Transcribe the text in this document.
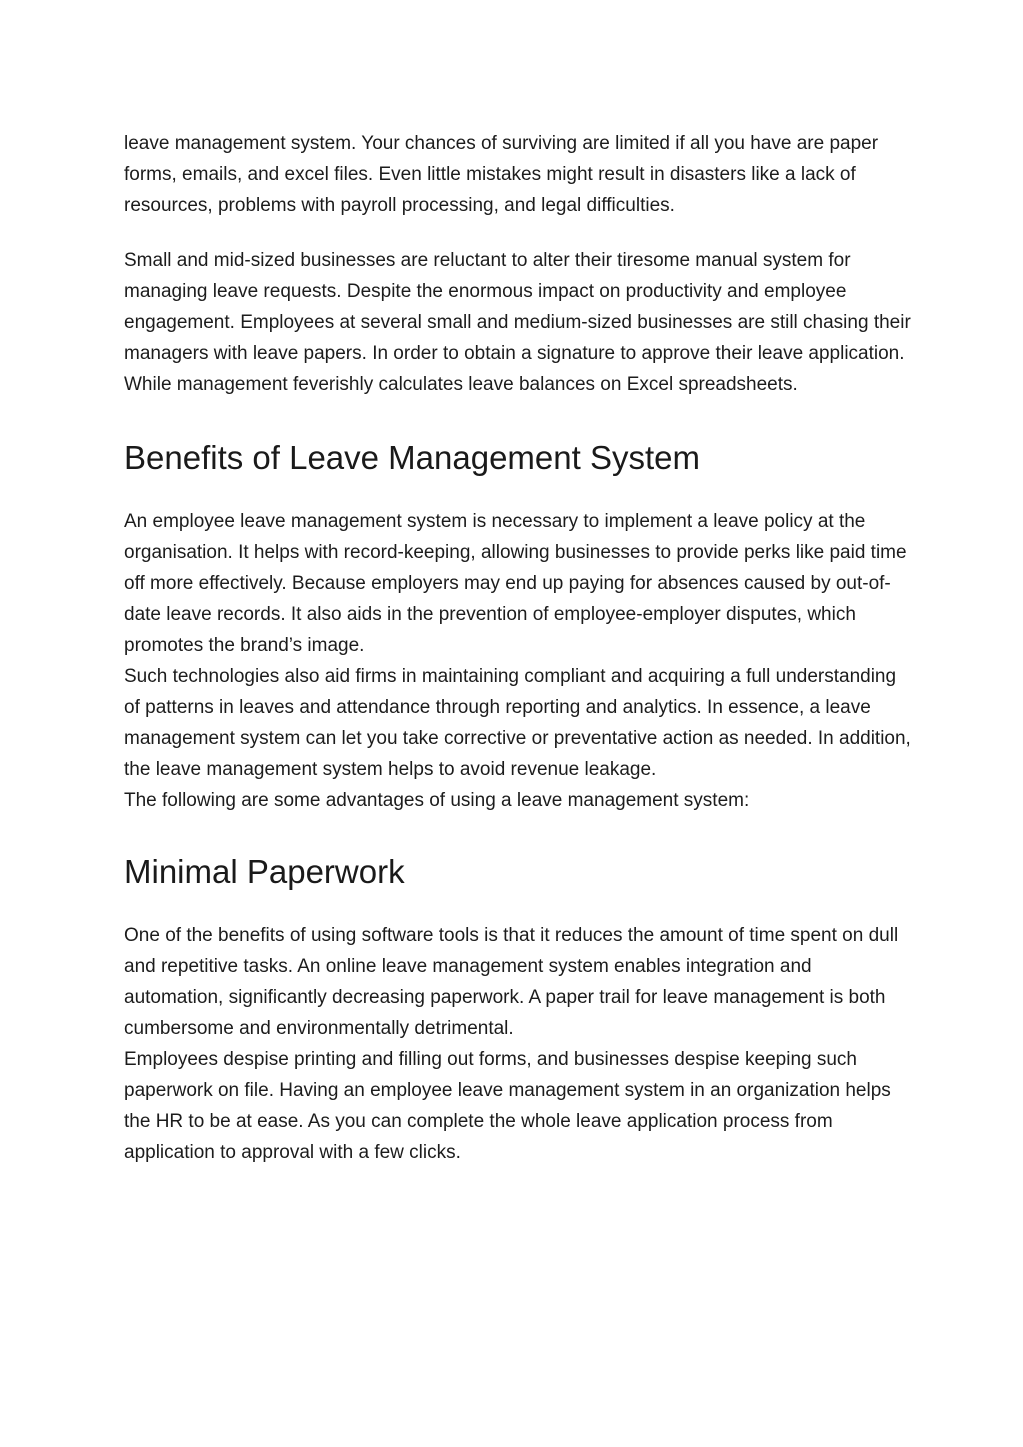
leave management system. Your chances of surviving are limited if all you have are paper forms, emails, and excel files. Even little mistakes might result in disasters like a lack of resources, problems with payroll processing, and legal difficulties.

Small and mid-sized businesses are reluctant to alter their tiresome manual system for managing leave requests. Despite the enormous impact on productivity and employee engagement. Employees at several small and medium-sized businesses are still chasing their managers with leave papers. In order to obtain a signature to approve their leave application. While management feverishly calculates leave balances on Excel spreadsheets.

Benefits of Leave Management System

An employee leave management system is necessary to implement a leave policy at the organisation. It helps with record-keeping, allowing businesses to provide perks like paid time off more effectively. Because employers may end up paying for absences caused by out-of-date leave records. It also aids in the prevention of employee-employer disputes, which promotes the brand’s image.

Such technologies also aid firms in maintaining compliant and acquiring a full understanding of patterns in leaves and attendance through reporting and analytics. In essence, a leave management system can let you take corrective or preventative action as needed. In addition, the leave management system helps to avoid revenue leakage.

The following are some advantages of using a leave management system:

Minimal Paperwork

One of the benefits of using software tools is that it reduces the amount of time spent on dull and repetitive tasks. An online leave management system enables integration and automation, significantly decreasing paperwork. A paper trail for leave management is both cumbersome and environmentally detrimental.

Employees despise printing and filling out forms, and businesses despise keeping such paperwork on file. Having an employee leave management system in an organization helps the HR to be at ease. As you can complete the whole leave application process from application to approval with a few clicks.
